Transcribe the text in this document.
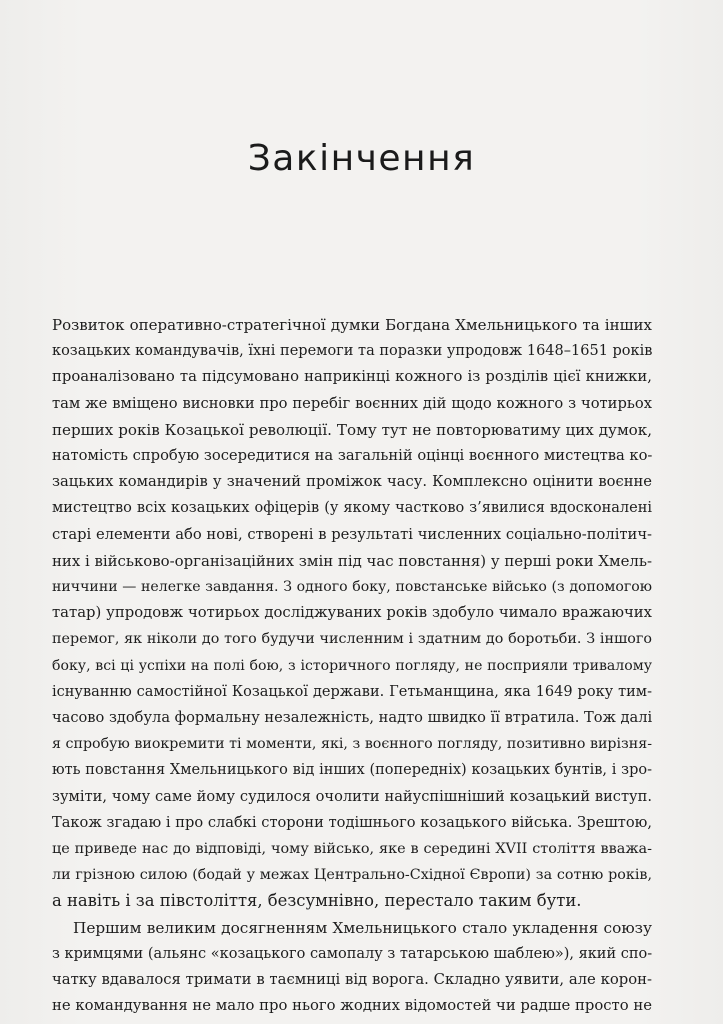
Закінчення
Розвиток оперативно-стратегічної думки Богдана Хмельницького та інших
козацьких командувачів, їхні перемоги та поразки упродовж 1648–1651 років
проаналізовано та підсумовано наприкінці кожного із розділів цієї книжки,
там же вміщено висновки про перебіг воєнних дій щодо кожного з чотирьох
перших років Козацької революції. Тому тут не повторюватиму цих думок,
натомість спробую зосередитися на загальній оцінці воєнного мистецтва ко-
зацьких командирів у значений проміжок часу. Комплексно оцінити воєнне
мистецтво всіх козацьких офіцерів (у якому частково з’явилися вдосконалені
старі елементи або нові, створені в результаті численних соціально-політич-
них і військово-організаційних змін під час повстання) у перші роки Хмель-
ниччини — нелегке завдання. З одного боку, повстанське військо (з допомогою
татар) упродовж чотирьох досліджуваних років здобуло чимало вражаючих
перемог, як ніколи до того будучи численним і здатним до боротьби. З іншого
боку, всі ці успіхи на полі бою, з історичного погляду, не посприяли тривалому
існуванню самостійної Козацької держави. Гетьманщина, яка 1649 року тим-
часово здобула формальну незалежність, надто швидко її втратила. Тож далі
я спробую виокремити ті моменти, які, з воєнного погляду, позитивно вирізня-
ють повстання Хмельницького від інших (попередніх) козацьких бунтів, і зро-
зуміти, чому саме йому судилося очолити найуспішніший козацький виступ.
Також згадаю і про слабкі сторони тодішнього козацького війська. Зрештою,
це приведе нас до відповіді, чому військо, яке в середині XVII століття вважа-
ли грізною силою (бодай у межах Центрально-Східної Європи) за сотню років,
а навіть і за півстоліття, безсумнівно, перестало таким бути.
Першим великим досягненням Хмельницького стало укладення союзу
з кримцями (альянс «козацького самопалу з татарською шаблею»), який спо-
чатку вдавалося тримати в таємниці від ворога. Складно уявити, але корон-
не командування не мало про нього жодних відомостей чи радше просто не
